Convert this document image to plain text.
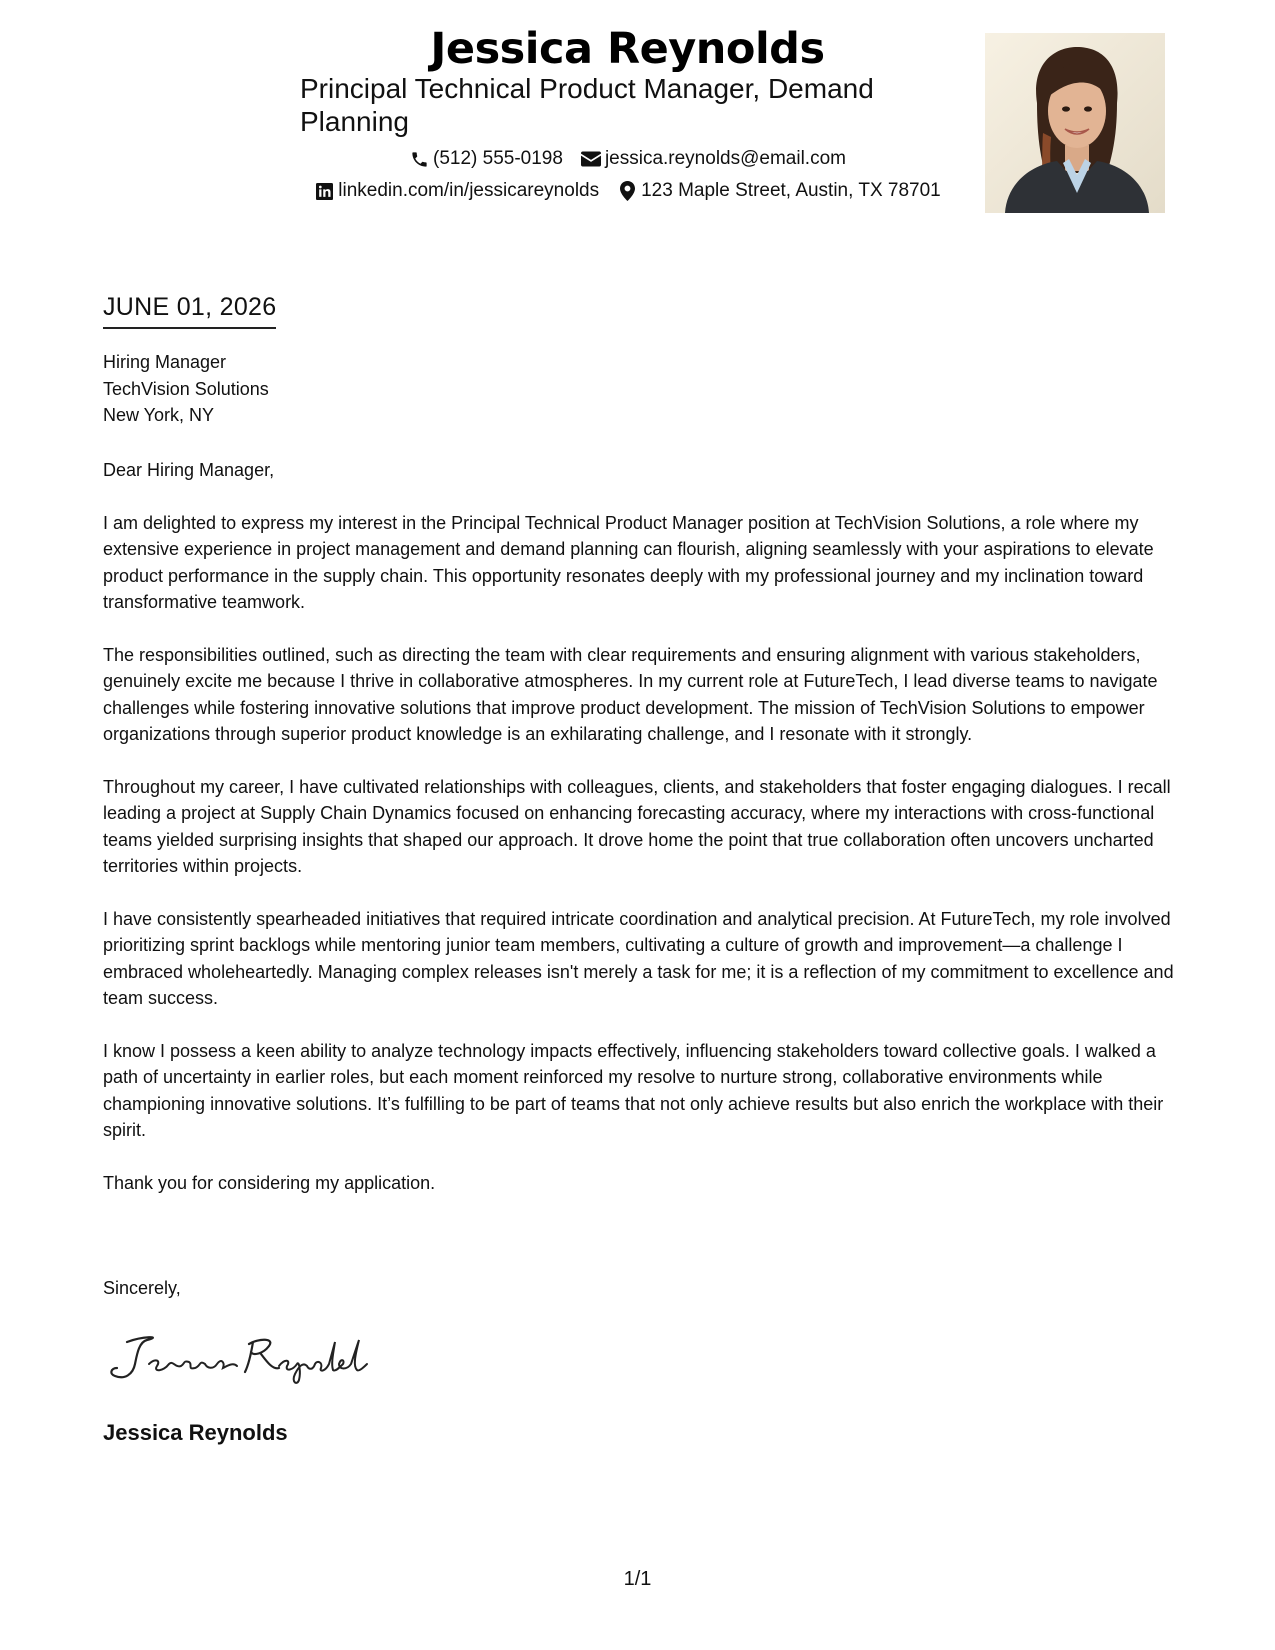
Jessica Reynolds
Principal Technical Product Manager, Demand Planning
(512) 555-0198 jessica.reynolds@email.com
linkedin.com/in/jessicareynolds 123 Maple Street, Austin, TX 78701
JUNE 01, 2026
Hiring Manager
TechVision Solutions
New York, NY

Dear Hiring Manager,

I am delighted to express my interest in the Principal Technical Product Manager position at TechVision Solutions, a role where my extensive experience in project management and demand planning can flourish, aligning seamlessly with your aspirations to elevate product performance in the supply chain. This opportunity resonates deeply with my professional journey and my inclination toward transformative teamwork.

The responsibilities outlined, such as directing the team with clear requirements and ensuring alignment with various stakeholders, genuinely excite me because I thrive in collaborative atmospheres. In my current role at FutureTech, I lead diverse teams to navigate challenges while fostering innovative solutions that improve product development. The mission of TechVision Solutions to empower organizations through superior product knowledge is an exhilarating challenge, and I resonate with it strongly.

Throughout my career, I have cultivated relationships with colleagues, clients, and stakeholders that foster engaging dialogues. I recall leading a project at Supply Chain Dynamics focused on enhancing forecasting accuracy, where my interactions with cross-functional teams yielded surprising insights that shaped our approach. It drove home the point that true collaboration often uncovers uncharted territories within projects.

I have consistently spearheaded initiatives that required intricate coordination and analytical precision. At FutureTech, my role involved prioritizing sprint backlogs while mentoring junior team members, cultivating a culture of growth and improvement—a challenge I embraced wholeheartedly. Managing complex releases isn't merely a task for me; it is a reflection of my commitment to excellence and team success.

I know I possess a keen ability to analyze technology impacts effectively, influencing stakeholders toward collective goals. I walked a path of uncertainty in earlier roles, but each moment reinforced my resolve to nurture strong, collaborative environments while championing innovative solutions. It’s fulfilling to be part of teams that not only achieve results but also enrich the workplace with their spirit.

Thank you for considering my application.

Sincerely,
Jessica Reynolds
1/1
